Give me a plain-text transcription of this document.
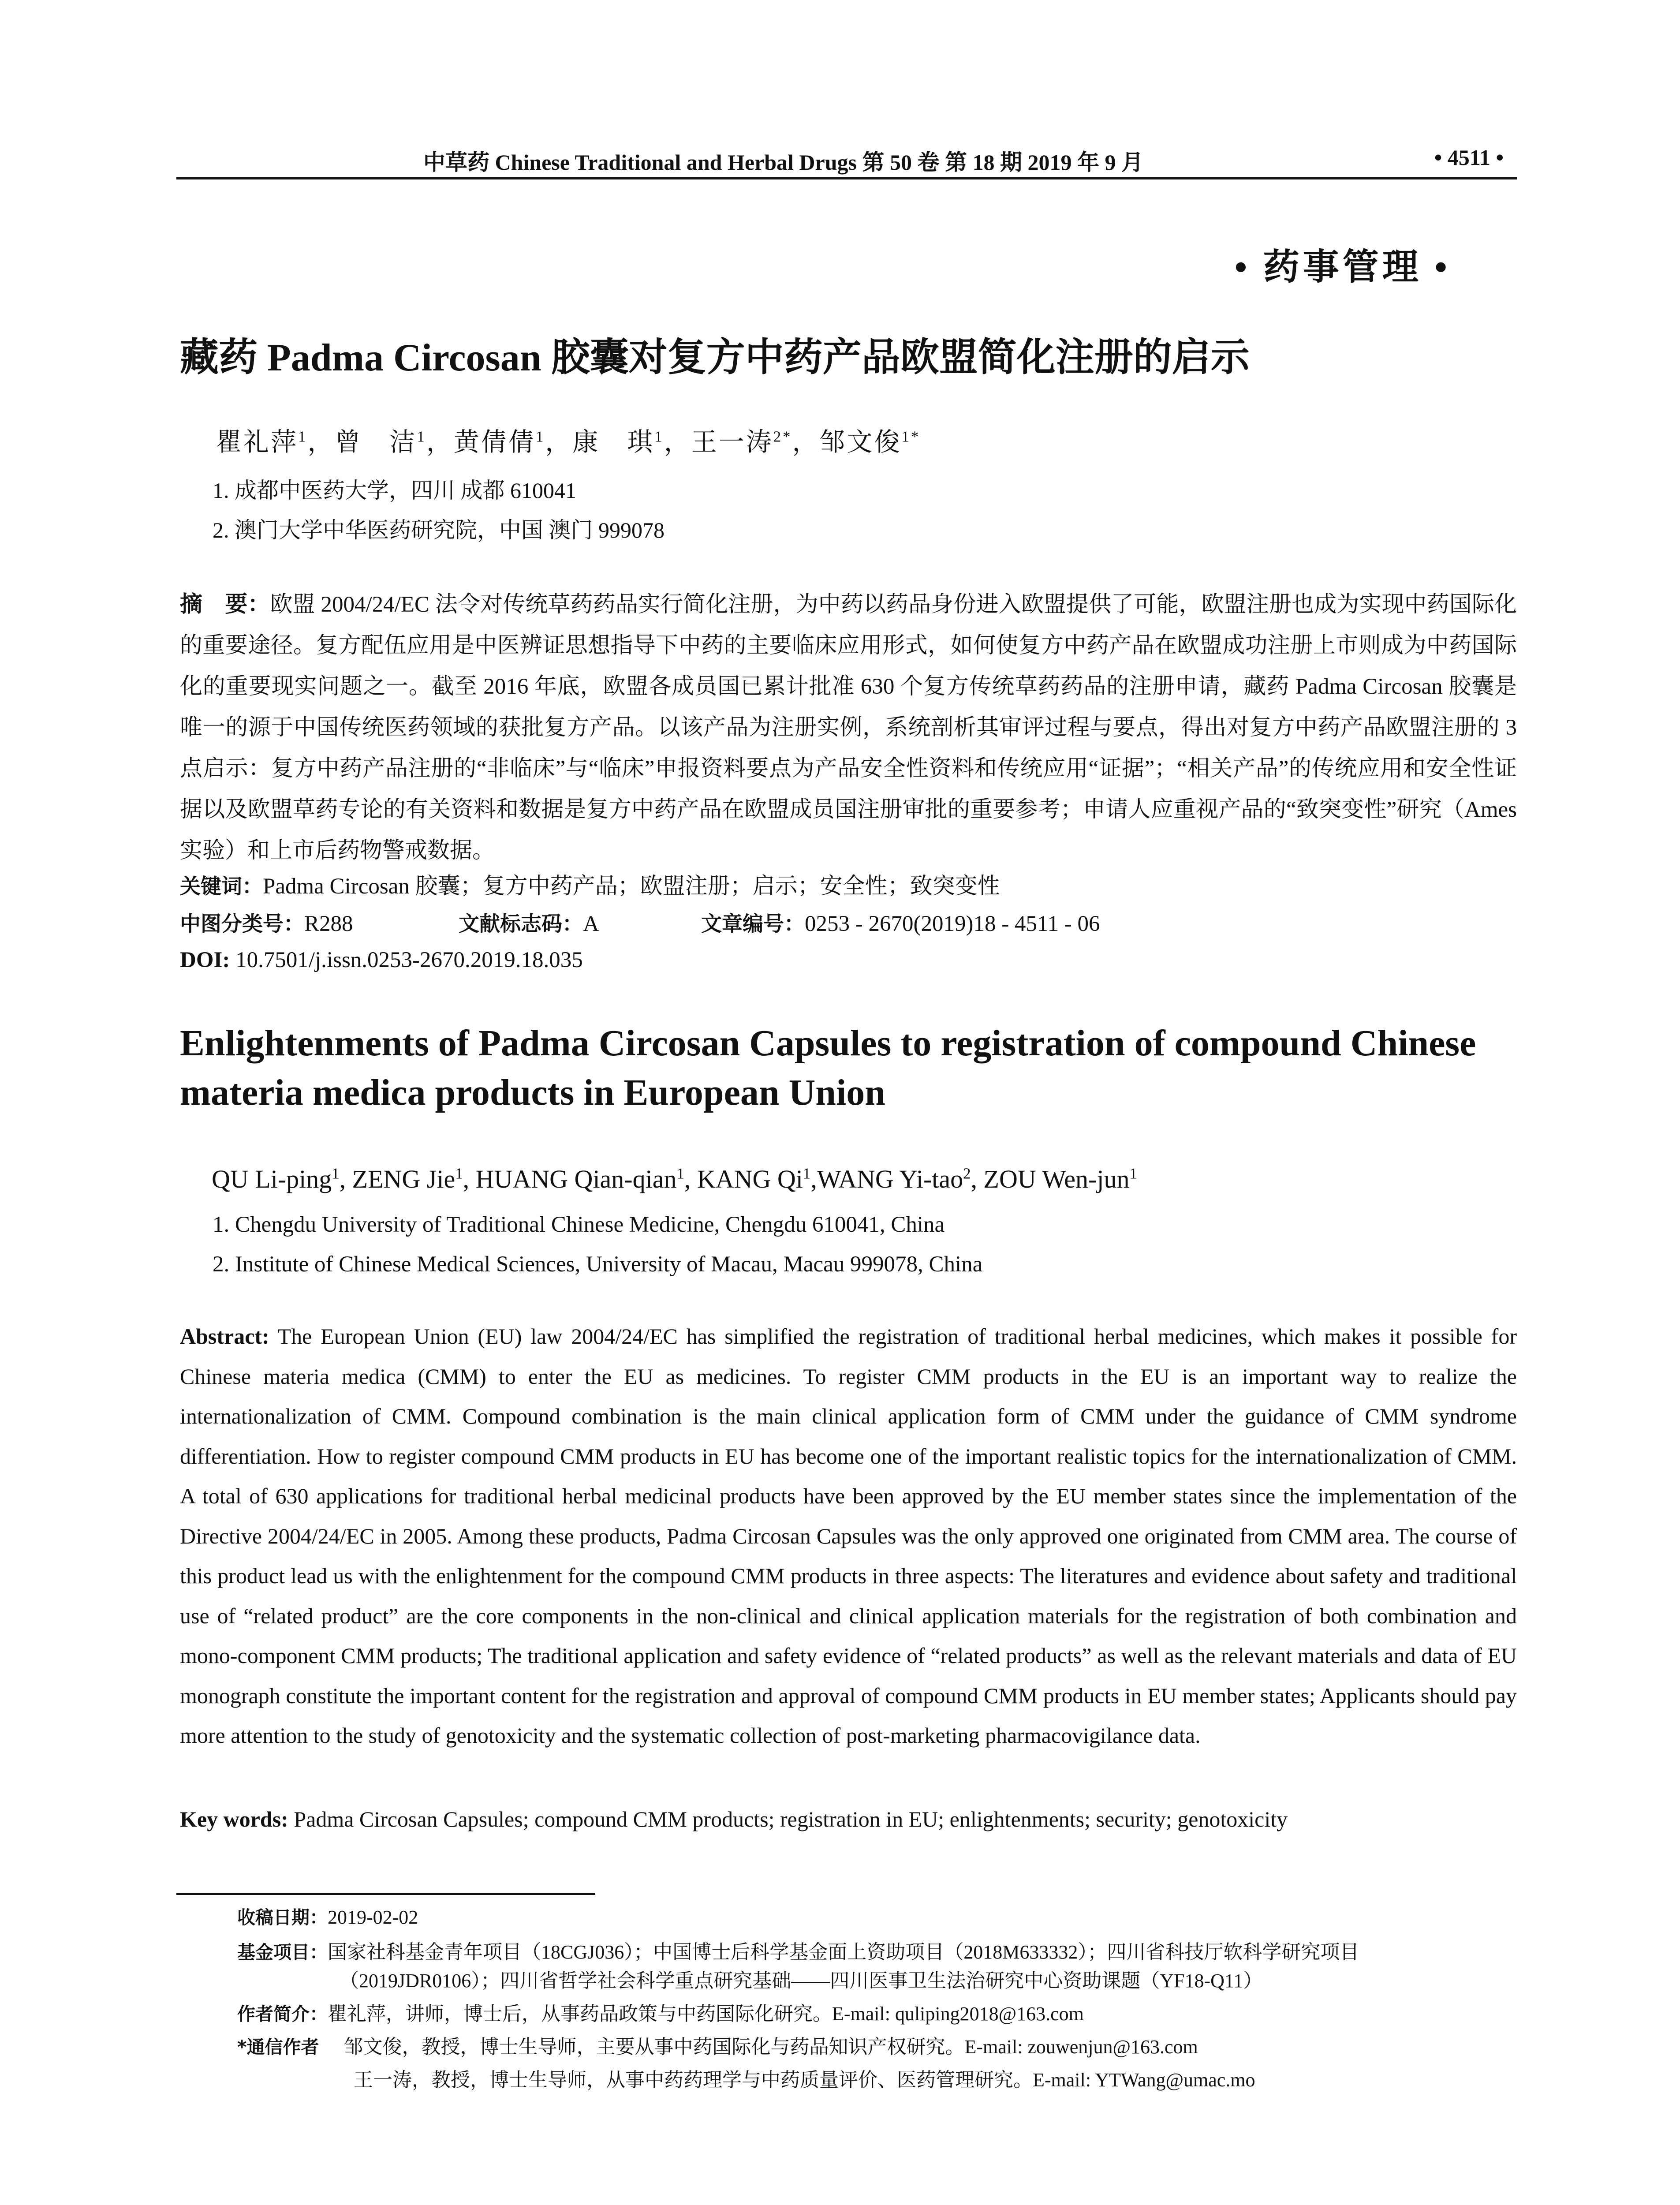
中草药 Chinese Traditional and Herbal Drugs 第 50 卷 第 18 期 2019 年 9 月	• 4511 •
• 药事管理 •
藏药 Padma Circosan 胶囊对复方中药产品欧盟简化注册的启示
瞿礼萍$^1$，曾　洁$^1$，黄倩倩$^1$，康　琪$^1$，王一涛$^{2*}$，邹文俊$^{1*}$
1. 成都中医药大学，四川 成都 610041
2. 澳门大学中华医药研究院，中国 澳门 999078
摘　要：欧盟 2004/24/EC 法令对传统草药药品实行简化注册，为中药以药品身份进入欧盟提供了可能，欧盟注册也成为实现中药国际化的重要途径。复方配伍应用是中医辨证思想指导下中药的主要临床应用形式，如何使复方中药产品在欧盟成功注册上市则成为中药国际化的重要现实问题之一。截至 2016 年底，欧盟各成员国已累计批准 630 个复方传统草药药品的注册申请，藏药 Padma Circosan 胶囊是唯一的源于中国传统医药领域的获批复方产品。以该产品为注册实例，系统剖析其审评过程与要点，得出对复方中药产品欧盟注册的 3 点启示：复方中药产品注册的“非临床”与“临床”申报资料要点为产品安全性资料和传统应用“证据”；“相关产品”的传统应用和安全性证据以及欧盟草药专论的有关资料和数据是复方中药产品在欧盟成员国注册审批的重要参考；申请人应重视产品的“致突变性”研究（Ames 实验）和上市后药物警戒数据。
关键词：Padma Circosan 胶囊；复方中药产品；欧盟注册；启示；安全性；致突变性
中图分类号：R288	文献标志码：A	文章编号：0253 - 2670(2019)18 - 4511 - 06
DOI: 10.7501/j.issn.0253-2670.2019.18.035
Enlightenments of Padma Circosan Capsules to registration of compound Chinese materia medica products in European Union
QU Li-ping$^1$, ZENG Jie$^1$, HUANG Qian-qian$^1$, KANG Qi$^1$,WANG Yi-tao$^2$, ZOU Wen-jun$^1$
1. Chengdu University of Traditional Chinese Medicine, Chengdu 610041, China
2. Institute of Chinese Medical Sciences, University of Macau, Macau 999078, China
Abstract: The European Union (EU) law 2004/24/EC has simplified the registration of traditional herbal medicines, which makes it possible for Chinese materia medica (CMM) to enter the EU as medicines. To register CMM products in the EU is an important way to realize the internationalization of CMM. Compound combination is the main clinical application form of CMM under the guidance of CMM syndrome differentiation. How to register compound CMM products in EU has become one of the important realistic topics for the internationalization of CMM. A total of 630 applications for traditional herbal medicinal products have been approved by the EU member states since the implementation of the Directive 2004/24/EC in 2005. Among these products, Padma Circosan Capsules was the only approved one originated from CMM area. The course of this product lead us with the enlightenment for the compound CMM products in three aspects: The literatures and evidence about safety and traditional use of “related product” are the core components in the non-clinical and clinical application materials for the registration of both combination and mono-component CMM products; The traditional application and safety evidence of “related products” as well as the relevant materials and data of EU monograph constitute the important content for the registration and approval of compound CMM products in EU member states; Applicants should pay more attention to the study of genotoxicity and the systematic collection of post-marketing pharmacovigilance data.
Key words: Padma Circosan Capsules; compound CMM products; registration in EU; enlightenments; security; genotoxicity
收稿日期：2019-02-02
基金项目：国家社科基金青年项目（18CGJ036）；中国博士后科学基金面上资助项目（2018M633332）；四川省科技厅软科学研究项目
（2019JDR0106）；四川省哲学社会科学重点研究基础——四川医事卫生法治研究中心资助课题（YF18-Q11）
作者简介：瞿礼萍，讲师，博士后，从事药品政策与中药国际化研究。E-mail: quliping2018@163.com
*通信作者 邹文俊，教授，博士生导师，主要从事中药国际化与药品知识产权研究。E-mail: zouwenjun@163.com
王一涛，教授，博士生导师，从事中药药理学与中药质量评价、医药管理研究。E-mail: YTWang@umac.mo
